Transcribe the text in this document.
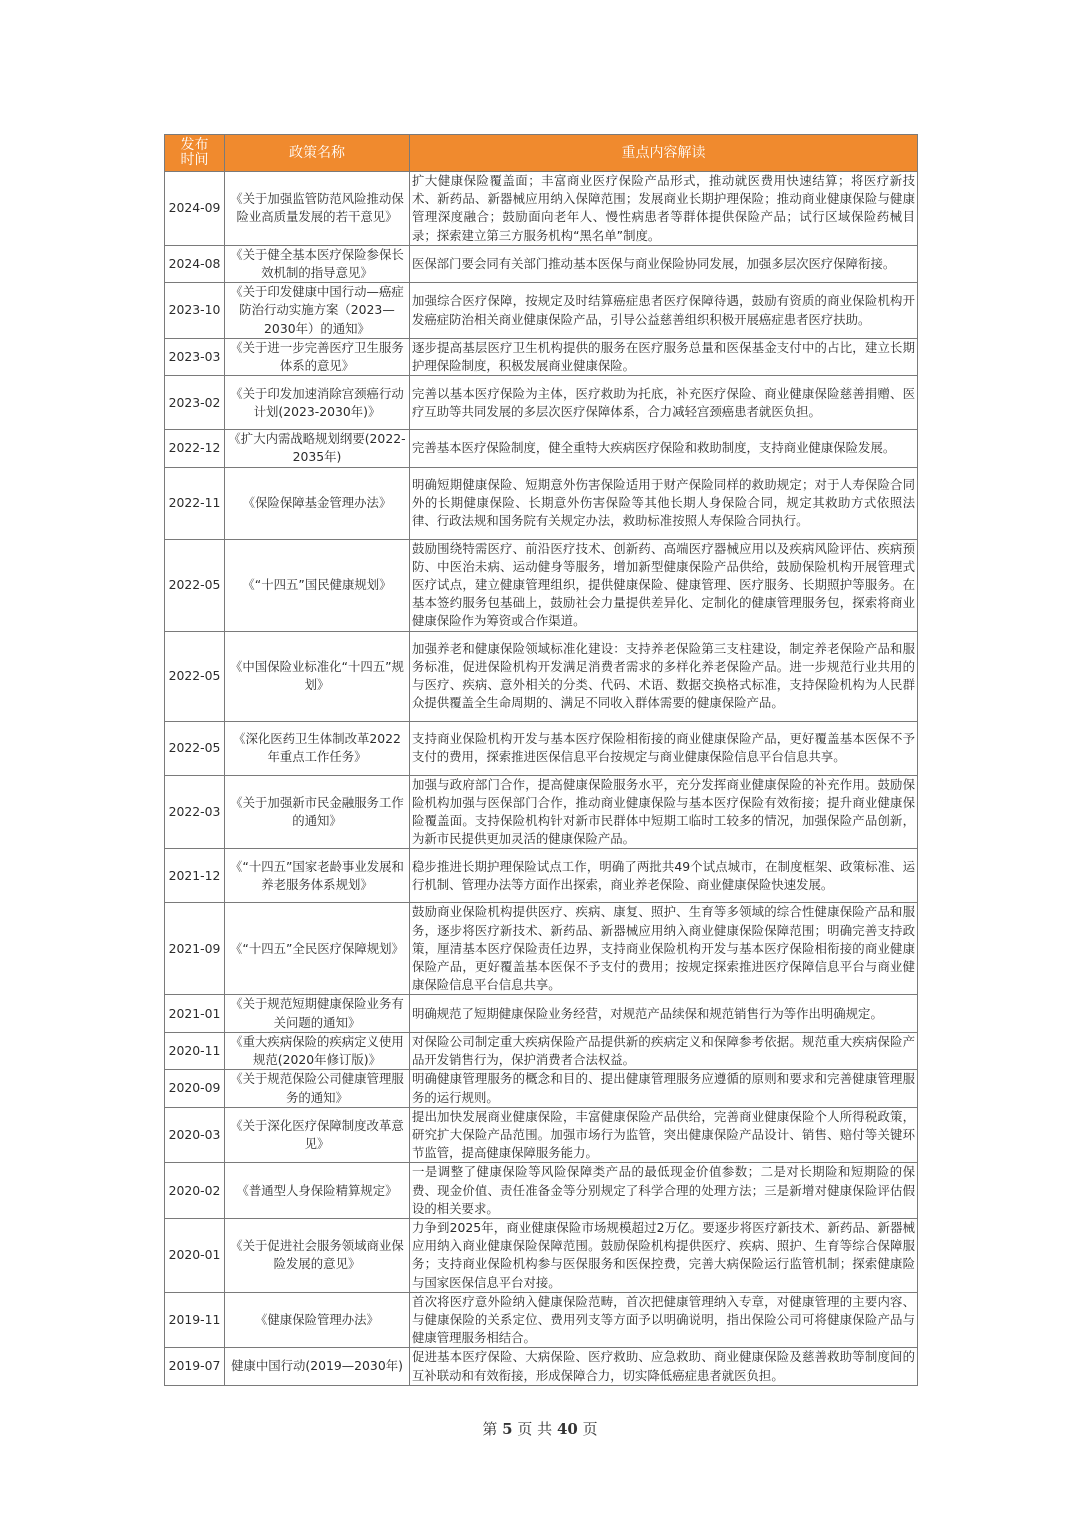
发布时间	政策名称	重点内容解读
2024-09	《关于加强监管防范风险推动保险业高质量发展的若干意见》	扩大健康保险覆盖面；丰富商业医疗保险产品形式，推动就医费用快速结算；将医疗新技术、新药品、新器械应用纳入保障范围；发展商业长期护理保险；推动商业健康保险与健康管理深度融合；鼓励面向老年人、慢性病患者等群体提供保险产品；试行区域保险药械目录；探索建立第三方服务机构“黑名单”制度。
2024-08	《关于健全基本医疗保险参保长效机制的指导意见》	医保部门要会同有关部门推动基本医保与商业保险协同发展，加强多层次医疗保障衔接。
2023-10	《关于印发健康中国行动—癌症防治行动实施方案（2023—2030年）的通知》	加强综合医疗保障，按规定及时结算癌症患者医疗保障待遇，鼓励有资质的商业保险机构开发癌症防治相关商业健康保险产品，引导公益慈善组织积极开展癌症患者医疗扶助。
2023-03	《关于进一步完善医疗卫生服务体系的意见》	逐步提高基层医疗卫生机构提供的服务在医疗服务总量和医保基金支付中的占比，建立长期护理保险制度，积极发展商业健康保险。
2023-02	《关于印发加速消除宫颈癌行动计划(2023-2030年)》	完善以基本医疗保险为主体，医疗救助为托底，补充医疗保险、商业健康保险慈善捐赠、医疗互助等共同发展的多层次医疗保障体系，合力减轻宫颈癌患者就医负担。
2022-12	《扩大内需战略规划纲要(2022- 2035年)	完善基本医疗保险制度，健全重特大疾病医疗保险和救助制度，支持商业健康保险发展。
2022-11	《保险保障基金管理办法》	明确短期健康保险、短期意外伤害保险适用于财产保险同样的救助规定；对于人寿保险合同外的长期健康保险、长期意外伤害保险等其他长期人身保险合同，规定其救助方式依照法律、行政法规和国务院有关规定办法，救助标准按照人寿保险合同执行。
2022-05	《“十四五”国民健康规划》	鼓励围绕特需医疗、前沿医疗技术、创新药、高端医疗器械应用以及疾病风险评估、疾病预防、中医治未病、运动健身等服务，增加新型健康保险产品供给，鼓励保险机构开展管理式医疗试点，建立健康管理组织，提供健康保险、健康管理、医疗服务、长期照护等服务。在基本签约服务包基础上，鼓励社会力量提供差异化、定制化的健康管理服务包，探索将商业健康保险作为筹资或合作渠道。
2022-05	《中国保险业标准化“十四五”规划》	加强养老和健康保险领域标准化建设：支持养老保险第三支柱建设，制定养老保险产品和服务标准，促进保险机构开发满足消费者需求的多样化养老保险产品。进一步规范行业共用的与医疗、疾病、意外相关的分类、代码、术语、数据交换格式标准，支持保险机构为人民群众提供覆盖全生命周期的、满足不同收入群体需要的健康保险产品。
2022-05	《深化医药卫生体制改革2022年重点工作任务》	支持商业保险机构开发与基本医疗保险相衔接的商业健康保险产品，更好覆盖基本医保不予支付的费用，探索推进医保信息平台按规定与商业健康保险信息平台信息共享。
2022-03	《关于加强新市民金融服务工作的通知》	加强与政府部门合作，提高健康保险服务水平，充分发挥商业健康保险的补充作用。鼓励保险机构加强与医保部门合作，推动商业健康保险与基本医疗保险有效衔接；提升商业健康保险覆盖面。支持保险机构针对新市民群体中短期工临时工较多的情况，加强保险产品创新，为新市民提供更加灵活的健康保险产品。
2021-12	《“十四五”国家老龄事业发展和养老服务体系规划》	稳步推进长期护理保险试点工作，明确了两批共49个试点城市，在制度框架、政策标准、运行机制、管理办法等方面作出探索，商业养老保险、商业健康保险快速发展。
2021-09	《“十四五”全民医疗保障规划》	鼓励商业保险机构提供医疗、疾病、康复、照护、生育等多领域的综合性健康保险产品和服务，逐步将医疗新技术、新药品、新器械应用纳入商业健康保险保障范围；明确完善支持政策，厘清基本医疗保险责任边界，支持商业保险机构开发与基本医疗保险相衔接的商业健康保险产品，更好覆盖基本医保不予支付的费用；按规定探索推进医疗保障信息平台与商业健康保险信息平台信息共享。
2021-01	《关于规范短期健康保险业务有关问题的通知》	明确规范了短期健康保险业务经营，对规范产品续保和规范销售行为等作出明确规定。
2020-11	《重大疾病保险的疾病定义使用规范(2020年修订版)》	对保险公司制定重大疾病保险产品提供新的疾病定义和保障参考依据。规范重大疾病保险产品开发销售行为，保护消费者合法权益。
2020-09	《关于规范保险公司健康管理服务的通知》	明确健康管理服务的概念和目的、提出健康管理服务应遵循的原则和要求和完善健康管理服务的运行规则。
2020-03	《关于深化医疗保障制度改革意见》	提出加快发展商业健康保险，丰富健康保险产品供给，完善商业健康保险个人所得税政策，研究扩大保险产品范围。加强市场行为监管，突出健康保险产品设计、销售、赔付等关键环节监管，提高健康保障服务能力。
2020-02	《普通型人身保险精算规定》	一是调整了健康保险等风险保障类产品的最低现金价值参数；二是对长期险和短期险的保费、现金价值、责任准备金等分别规定了科学合理的处理方法；三是新增对健康保险评估假设的相关要求。
2020-01	《关于促进社会服务领域商业保险发展的意见》	力争到2025年，商业健康保险市场规模超过2万亿。要逐步将医疗新技术、新药品、新器械应用纳入商业健康保险保障范围。鼓励保险机构提供医疗、疾病、照护、生育等综合保障服务；支持商业保险机构参与医保服务和医保控费，完善大病保险运行监管机制；探索健康险与国家医保信息平台对接。
2019-11	《健康保险管理办法》	首次将医疗意外险纳入健康保险范畴，首次把健康管理纳入专章，对健康管理的主要内容、与健康保险的关系定位、费用列支等方面予以明确说明，指出保险公司可将健康保险产品与健康管理服务相结合。
2019-07	健康中国行动(2019—2030年)	促进基本医疗保险、大病保险、医疗救助、应急救助、商业健康保险及慈善救助等制度间的互补联动和有效衔接，形成保障合力，切实降低癌症患者就医负担。
第 5 页 共 40 页
